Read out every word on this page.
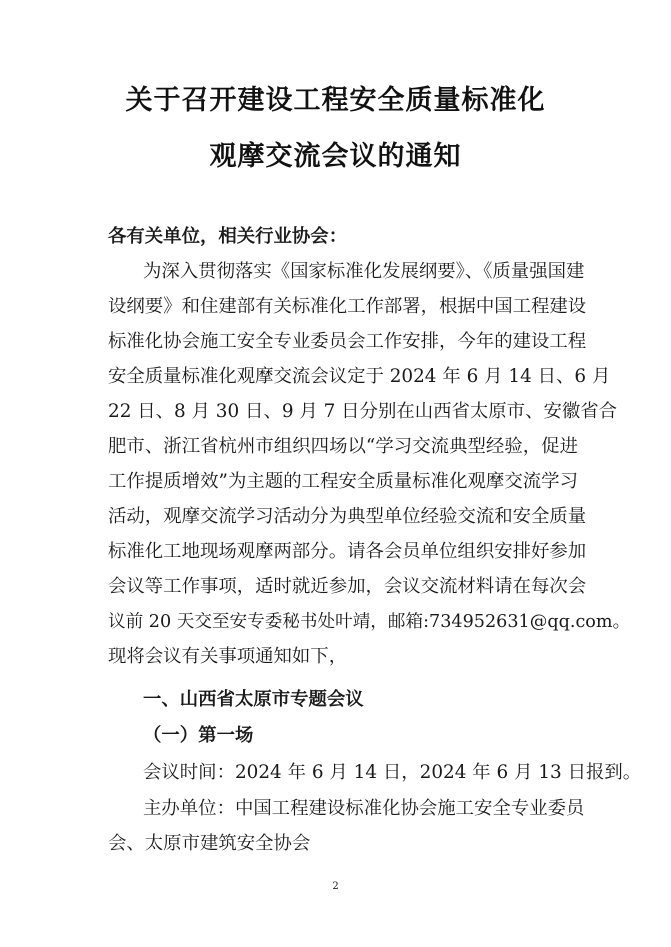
关于召开建设工程安全质量标准化
观摩交流会议的通知
各有关单位，相关行业协会：
为深入贯彻落实《国家标准化发展纲要》、《质量强国建
设纲要》和住建部有关标准化工作部署，根据中国工程建设
标准化协会施工安全专业委员会工作安排，今年的建设工程
安全质量标准化观摩交流会议定于 2024 年 6 月 14 日、6 月
22 日、8 月 30 日、9 月 7 日分别在山西省太原市、安徽省合
肥市、浙江省杭州市组织四场以“学习交流典型经验，促进
工作提质增效”为主题的工程安全质量标准化观摩交流学习
活动，观摩交流学习活动分为典型单位经验交流和安全质量
标准化工地现场观摩两部分。请各会员单位组织安排好参加
会议等工作事项，适时就近参加，会议交流材料请在每次会
议前 20 天交至安专委秘书处叶靖，邮箱:734952631@qq.com。
现将会议有关事项通知如下，
一、山西省太原市专题会议
（一）第一场
会议时间：2024 年 6 月 14 日，2024 年 6 月 13 日报到。
主办单位：中国工程建设标准化协会施工安全专业委员
会、太原市建筑安全协会
2
